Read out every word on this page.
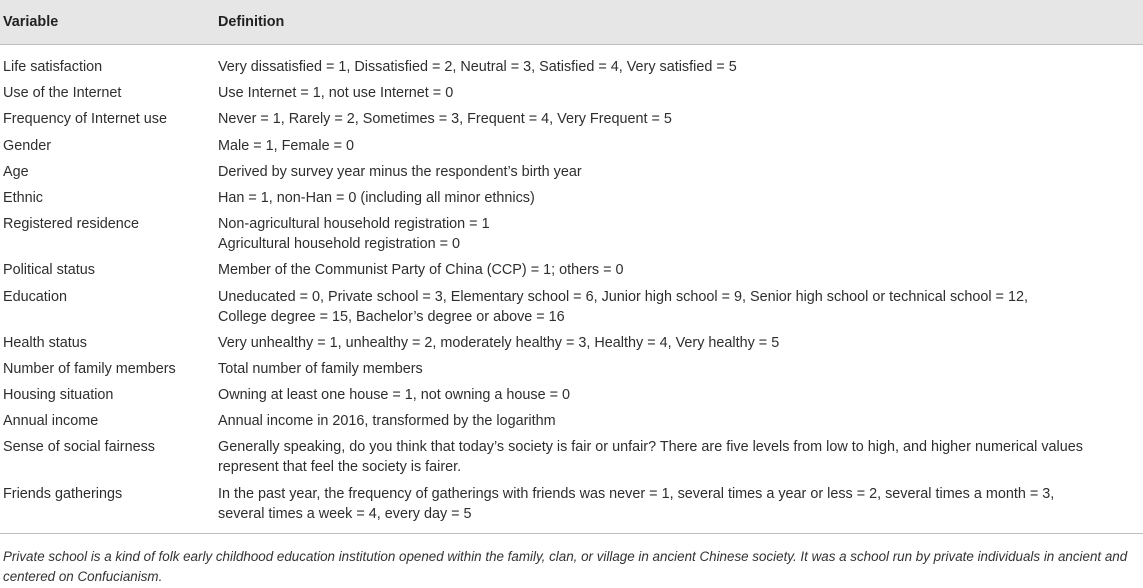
Variable	Definition
Life satisfaction	Very dissatisfied = 1, Dissatisfied = 2, Neutral = 3, Satisfied = 4, Very satisfied = 5

Use of the Internet	Use Internet = 1, not use Internet = 0

Frequency of Internet use	Never = 1, Rarely = 2, Sometimes = 3, Frequent = 4, Very Frequent = 5

Gender	Male = 1, Female = 0

Age	Derived by survey year minus the respondent’s birth year

Ethnic	Han = 1, non-Han = 0 (including all minor ethnics)

Registered residence	Non-agricultural household registration = 1
Agricultural household registration = 0

Political status	Member of the Communist Party of China (CCP) = 1; others = 0

Education	Uneducated = 0, Private school = 3, Elementary school = 6, Junior high school = 9, Senior high school or technical school = 12,
College degree = 15, Bachelor’s degree or above = 16

Health status	Very unhealthy = 1, unhealthy = 2, moderately healthy = 3, Healthy = 4, Very healthy = 5

Number of family members	Total number of family members

Housing situation	Owning at least one house = 1, not owning a house = 0

Annual income	Annual income in 2016, transformed by the logarithm

Sense of social fairness	Generally speaking, do you think that today’s society is fair or unfair? There are five levels from low to high, and higher numerical values
represent that feel the society is fairer.

Friends gatherings	In the past year, the frequency of gatherings with friends was never = 1, several times a year or less = 2, several times a month = 3,
several times a week = 4, every day = 5
Private school is a kind of folk early childhood education institution opened within the family, clan, or village in ancient Chinese society. It was a school run by private individuals in ancient and centered on Confucianism.
